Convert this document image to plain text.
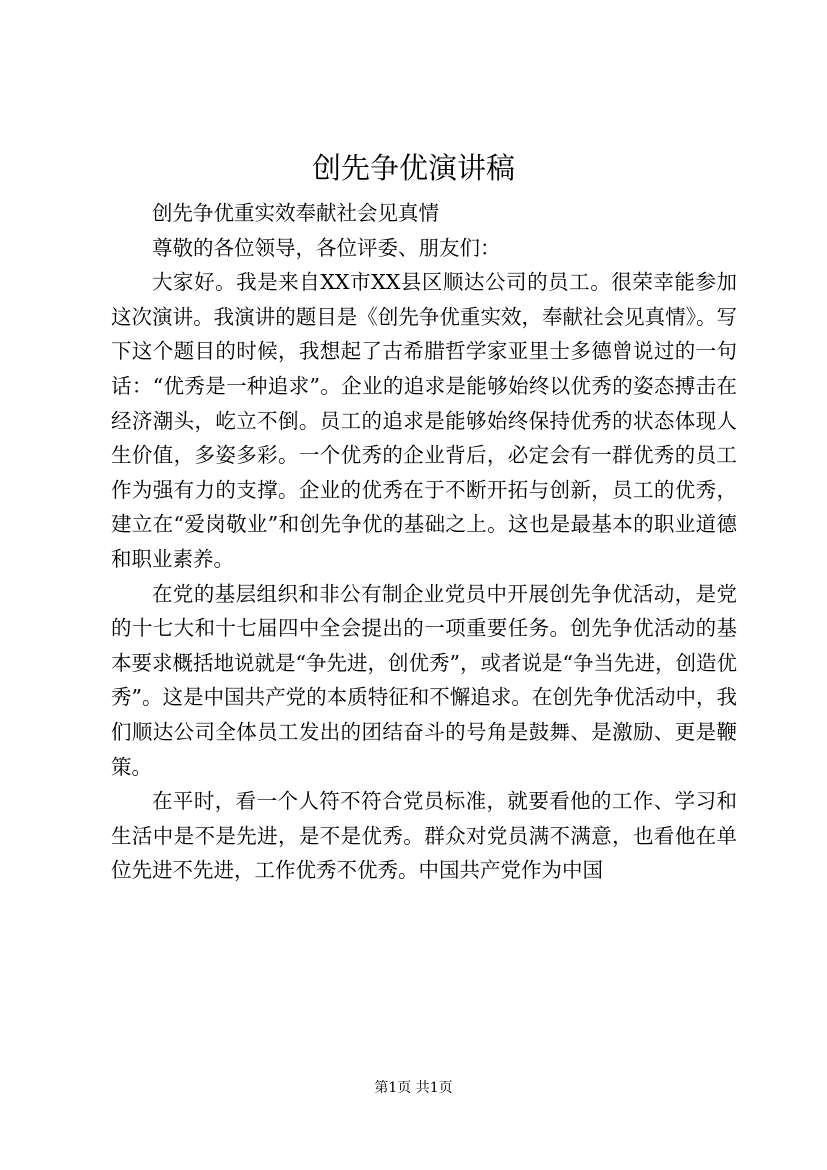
创先争优演讲稿

创先争优重实效奉献社会见真情

尊敬的各位领导，各位评委、朋友们：

大家好。我是来自XX市XX县区顺达公司的员工。很荣幸能参加这次演讲。我演讲的题目是《创先争优重实效，奉献社会见真情》。写下这个题目的时候，我想起了古希腊哲学家亚里士多德曾说过的一句话：“优秀是一种追求”。企业的追求是能够始终以优秀的姿态搏击在经济潮头，屹立不倒。员工的追求是能够始终保持优秀的状态体现人生价值，多姿多彩。一个优秀的企业背后，必定会有一群优秀的员工作为强有力的支撑。企业的优秀在于不断开拓与创新，员工的优秀，建立在“爱岗敬业”和创先争优的基础之上。这也是最基本的职业道德和职业素养。

在党的基层组织和非公有制企业党员中开展创先争优活动，是党的十七大和十七届四中全会提出的一项重要任务。创先争优活动的基本要求概括地说就是“争先进，创优秀”，或者说是“争当先进，创造优秀”。这是中国共产党的本质特征和不懈追求。在创先争优活动中，我们顺达公司全体员工发出的团结奋斗的号角是鼓舞、是激励、更是鞭策。

在平时，看一个人符不符合党员标准，就要看他的工作、学习和生活中是不是先进，是不是优秀。群众对党员满不满意，也看他在单位先进不先进，工作优秀不优秀。中国共产党作为中国

第1页 共1页
